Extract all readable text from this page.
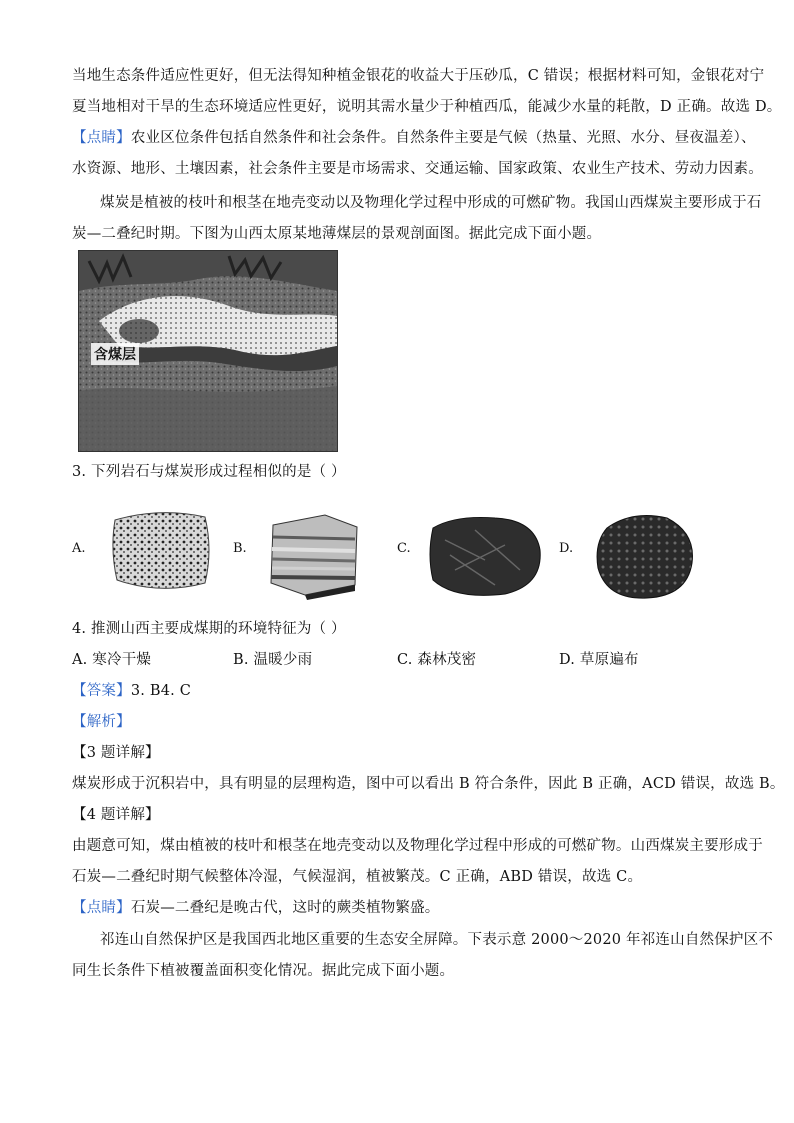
当地生态条件适应性更好，但无法得知种植金银花的收益大于压砂瓜，C 错误；根据材料可知，金银花对宁
夏当地相对干旱的生态环境适应性更好，说明其需水量少于种植西瓜，能减少水量的耗散，D 正确。故选 D。
【点睛】农业区位条件包括自然条件和社会条件。自然条件主要是气候（热量、光照、水分、昼夜温差）、
水资源、地形、土壤因素，社会条件主要是市场需求、交通运输、国家政策、农业生产技术、劳动力因素。
煤炭是植被的枝叶和根茎在地壳变动以及物理化学过程中形成的可燃矿物。我国山西煤炭主要形成于石
炭—二叠纪时期。下图为山西太原某地薄煤层的景观剖面图。据此完成下面小题。
含煤层
3. 下列岩石与煤炭形成过程相似的是（ ）
A.	B.	C.	D.
4. 推测山西主要成煤期的环境特征为（ ）
A. 寒冷干燥	B. 温暖少雨	C. 森林茂密	D. 草原遍布
【答案】3. B4. C
【解析】
【3 题详解】
煤炭形成于沉积岩中，具有明显的层理构造，图中可以看出 B 符合条件，因此 B 正确，ACD 错误，故选 B。
【4 题详解】
由题意可知，煤由植被的枝叶和根茎在地壳变动以及物理化学过程中形成的可燃矿物。山西煤炭主要形成于
石炭—二叠纪时期气候整体冷湿，气候湿润，植被繁茂。C 正确，ABD 错误，故选 C。
【点睛】石炭—二叠纪是晚古代，这时的蕨类植物繁盛。
祁连山自然保护区是我国西北地区重要的生态安全屏障。下表示意 2000～2020 年祁连山自然保护区不
同生长条件下植被覆盖面积变化情况。据此完成下面小题。
